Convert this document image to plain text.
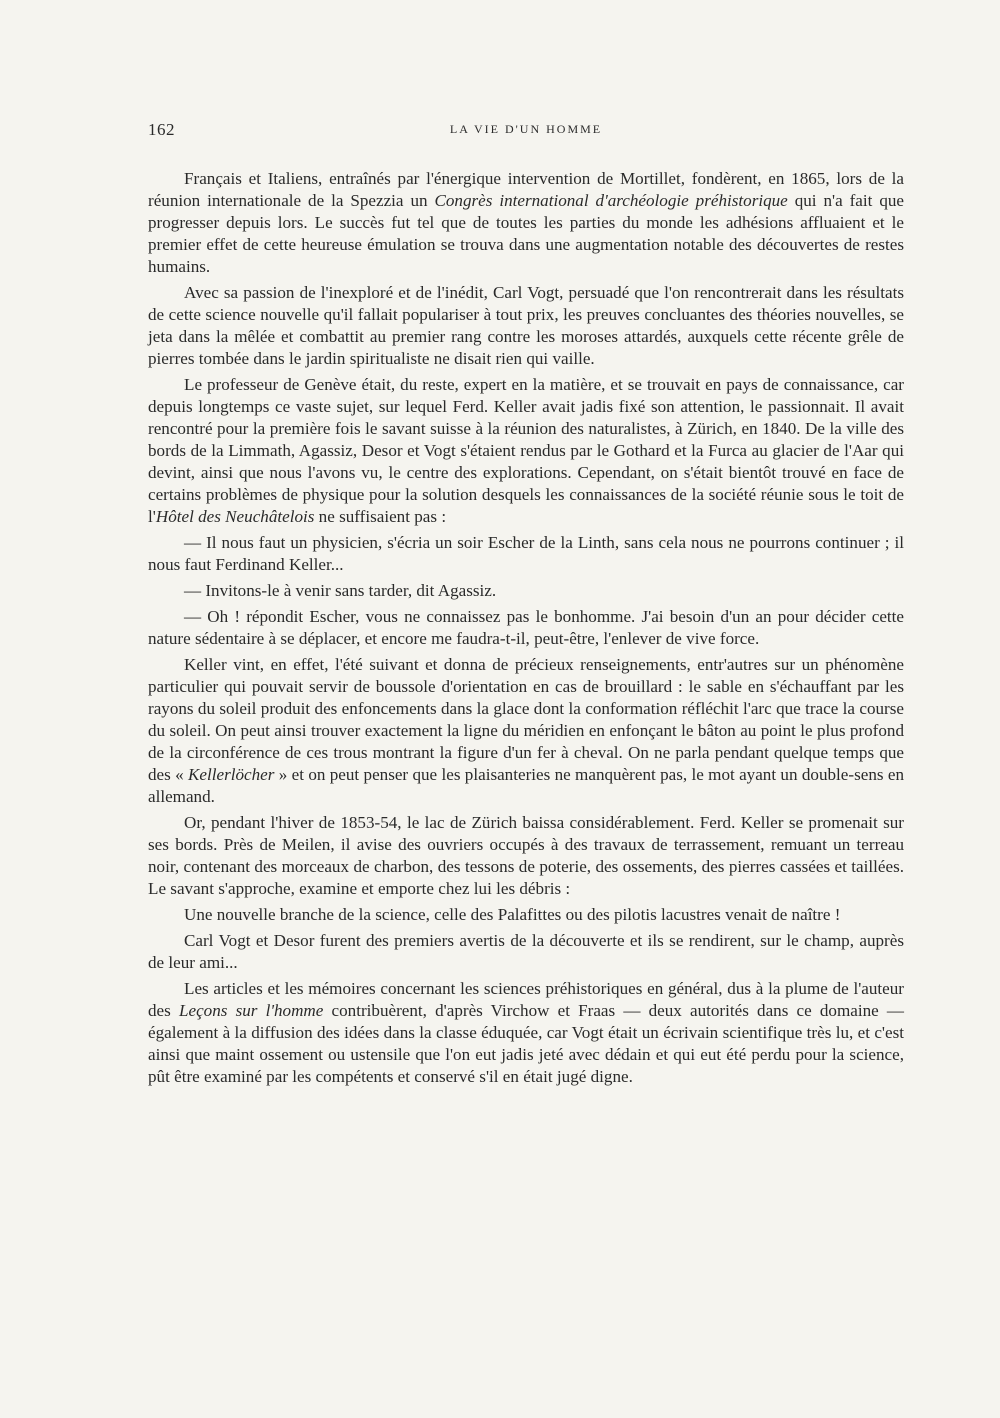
162	LA VIE D'UN HOMME

Français et Italiens, entraînés par l'énergique intervention de Mortillet, fondèrent, en 1865, lors de la réunion internationale de la Spezzia un Congrès international d'archéologie préhistorique qui n'a fait que progresser depuis lors. Le succès fut tel que de toutes les parties du monde les adhésions affluaient et le premier effet de cette heureuse émulation se trouva dans une augmentation notable des découvertes de restes humains.

Avec sa passion de l'inexploré et de l'inédit, Carl Vogt, persuadé que l'on rencontrerait dans les résultats de cette science nouvelle qu'il fallait populariser à tout prix, les preuves concluantes des théories nouvelles, se jeta dans la mêlée et combattit au premier rang contre les moroses attardés, auxquels cette récente grêle de pierres tombée dans le jardin spiritualiste ne disait rien qui vaille.

Le professeur de Genève était, du reste, expert en la matière, et se trouvait en pays de connaissance, car depuis longtemps ce vaste sujet, sur lequel Ferd. Keller avait jadis fixé son attention, le passionnait. Il avait rencontré pour la première fois le savant suisse à la réunion des naturalistes, à Zürich, en 1840. De la ville des bords de la Limmath, Agassiz, Desor et Vogt s'étaient rendus par le Gothard et la Furca au glacier de l'Aar qui devint, ainsi que nous l'avons vu, le centre des explorations. Cependant, on s'était bientôt trouvé en face de certains problèmes de physique pour la solution desquels les connaissances de la société réunie sous le toit de l'Hôtel des Neuchâtelois ne suffisaient pas :

— Il nous faut un physicien, s'écria un soir Escher de la Linth, sans cela nous ne pourrons continuer ; il nous faut Ferdinand Keller...

— Invitons-le à venir sans tarder, dit Agassiz.

— Oh ! répondit Escher, vous ne connaissez pas le bonhomme. J'ai besoin d'un an pour décider cette nature sédentaire à se déplacer, et encore me faudra-t-il, peut-être, l'enlever de vive force.

Keller vint, en effet, l'été suivant et donna de précieux renseignements, entr'autres sur un phénomène particulier qui pouvait servir de boussole d'orientation en cas de brouillard : le sable en s'échauffant par les rayons du soleil produit des enfoncements dans la glace dont la conformation réfléchit l'arc que trace la course du soleil. On peut ainsi trouver exactement la ligne du méridien en enfonçant le bâton au point le plus profond de la circonférence de ces trous montrant la figure d'un fer à cheval. On ne parla pendant quelque temps que des « Kellerlöcher » et on peut penser que les plaisanteries ne manquèrent pas, le mot ayant un double-sens en allemand.

Or, pendant l'hiver de 1853-54, le lac de Zürich baissa considérablement. Ferd. Keller se promenait sur ses bords. Près de Meilen, il avise des ouvriers occupés à des travaux de terrassement, remuant un terreau noir, contenant des morceaux de charbon, des tessons de poterie, des ossements, des pierres cassées et taillées. Le savant s'approche, examine et emporte chez lui les débris :

Une nouvelle branche de la science, celle des Palafittes ou des pilotis lacustres venait de naître !

Carl Vogt et Desor furent des premiers avertis de la découverte et ils se rendirent, sur le champ, auprès de leur ami...

Les articles et les mémoires concernant les sciences préhistoriques en général, dus à la plume de l'auteur des Leçons sur l'homme contribuèrent, d'après Virchow et Fraas — deux autorités dans ce domaine — également à la diffusion des idées dans la classe éduquée, car Vogt était un écrivain scientifique très lu, et c'est ainsi que maint ossement ou ustensile que l'on eut jadis jeté avec dédain et qui eut été perdu pour la science, pût être examiné par les compétents et conservé s'il en était jugé digne.
